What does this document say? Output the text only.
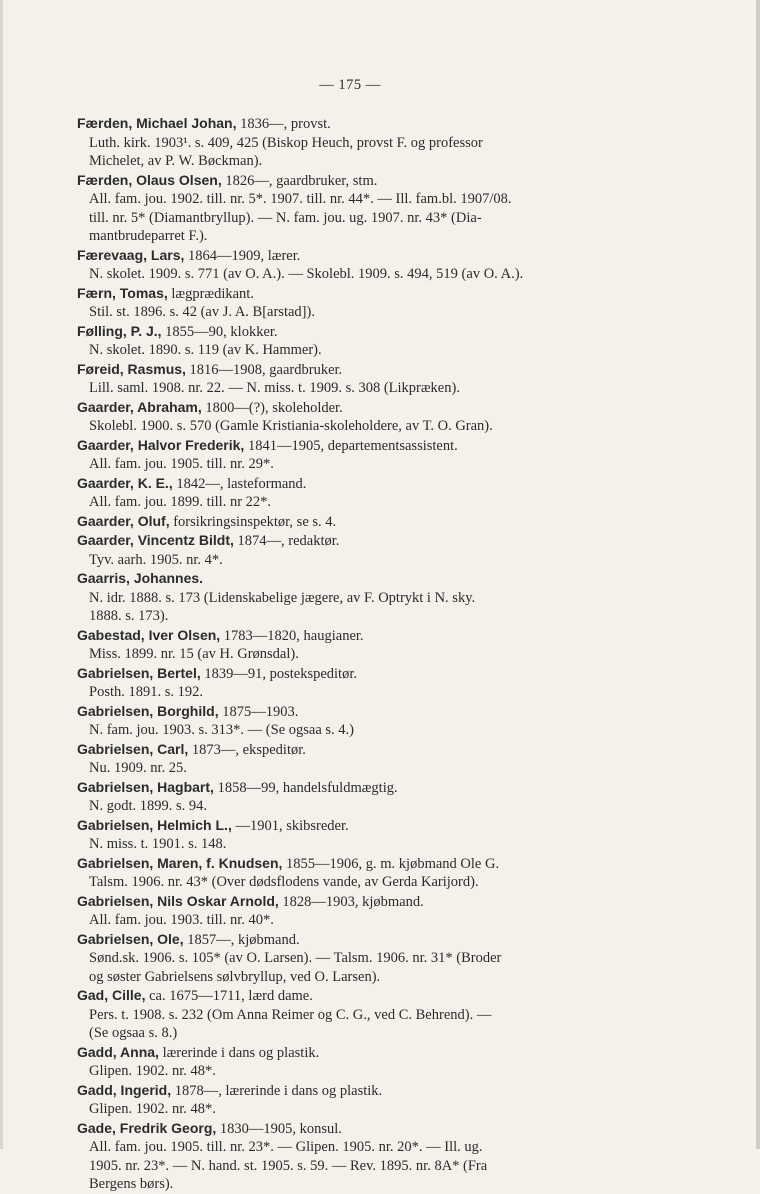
— 175 —
Færden, Michael Johan, 1836—, provst.
Luth. kirk. 1903¹. s. 409, 425 (Biskop Heuch, provst F. og professor
Michelet, av P. W. Bøckman).
Færden, Olaus Olsen, 1826—, gaardbruker, stm.
All. fam. jou. 1902. till. nr. 5*. 1907. till. nr. 44*. — Ill. fam.bl. 1907/08.
till. nr. 5* (Diamantbryllup). — N. fam. jou. ug. 1907. nr. 43* (Dia-
mantbrudeparret F.).
Færevaag, Lars, 1864—1909, lærer.
N. skolet. 1909. s. 771 (av O. A.). — Skolebl. 1909. s. 494, 519 (av O. A.).
Færn, Tomas, lægprædikant.
Stil. st. 1896. s. 42 (av J. A. B[arstad]).
Følling, P. J., 1855—90, klokker.
N. skolet. 1890. s. 119 (av K. Hammer).
Føreid, Rasmus, 1816—1908, gaardbruker.
Lill. saml. 1908. nr. 22. — N. miss. t. 1909. s. 308 (Likpræken).
Gaarder, Abraham, 1800—(?), skoleholder.
Skolebl. 1900. s. 570 (Gamle Kristiania-skoleholdere, av T. O. Gran).
Gaarder, Halvor Frederik, 1841—1905, departementsassistent.
All. fam. jou. 1905. till. nr. 29*.
Gaarder, K. E., 1842—, lasteformand.
All. fam. jou. 1899. till. nr 22*.
Gaarder, Oluf, forsikringsinspektør, se s. 4.
Gaarder, Vincentz Bildt, 1874—, redaktør.
Tyv. aarh. 1905. nr. 4*.
Gaarris, Johannes.
N. idr. 1888. s. 173 (Lidenskabelige jægere, av F. Optrykt i N. sky.
1888. s. 173).
Gabestad, Iver Olsen, 1783—1820, haugianer.
Miss. 1899. nr. 15 (av H. Grønsdal).
Gabrielsen, Bertel, 1839—91, postekspeditør.
Posth. 1891. s. 192.
Gabrielsen, Borghild, 1875—1903.
N. fam. jou. 1903. s. 313*. — (Se ogsaa s. 4.)
Gabrielsen, Carl, 1873—, ekspeditør.
Nu. 1909. nr. 25.
Gabrielsen, Hagbart, 1858—99, handelsfuldmægtig.
N. godt. 1899. s. 94.
Gabrielsen, Helmich L., —1901, skibsreder.
N. miss. t. 1901. s. 148.
Gabrielsen, Maren, f. Knudsen, 1855—1906, g. m. kjøbmand Ole G.
Talsm. 1906. nr. 43* (Over dødsflodens vande, av Gerda Karijord).
Gabrielsen, Nils Oskar Arnold, 1828—1903, kjøbmand.
All. fam. jou. 1903. till. nr. 40*.
Gabrielsen, Ole, 1857—, kjøbmand.
Sønd.sk. 1906. s. 105* (av O. Larsen). — Talsm. 1906. nr. 31* (Broder
og søster Gabrielsens sølvbryllup, ved O. Larsen).
Gad, Cille, ca. 1675—1711, lærd dame.
Pers. t. 1908. s. 232 (Om Anna Reimer og C. G., ved C. Behrend). —
(Se ogsaa s. 8.)
Gadd, Anna, lærerinde i dans og plastik.
Glipen. 1902. nr. 48*.
Gadd, Ingerid, 1878—, lærerinde i dans og plastik.
Glipen. 1902. nr. 48*.
Gade, Fredrik Georg, 1830—1905, konsul.
All. fam. jou. 1905. till. nr. 23*. — Glipen. 1905. nr. 20*. — Ill. ug.
1905. nr. 23*. — N. hand. st. 1905. s. 59. — Rev. 1895. nr. 8A* (Fra
Bergens børs).
